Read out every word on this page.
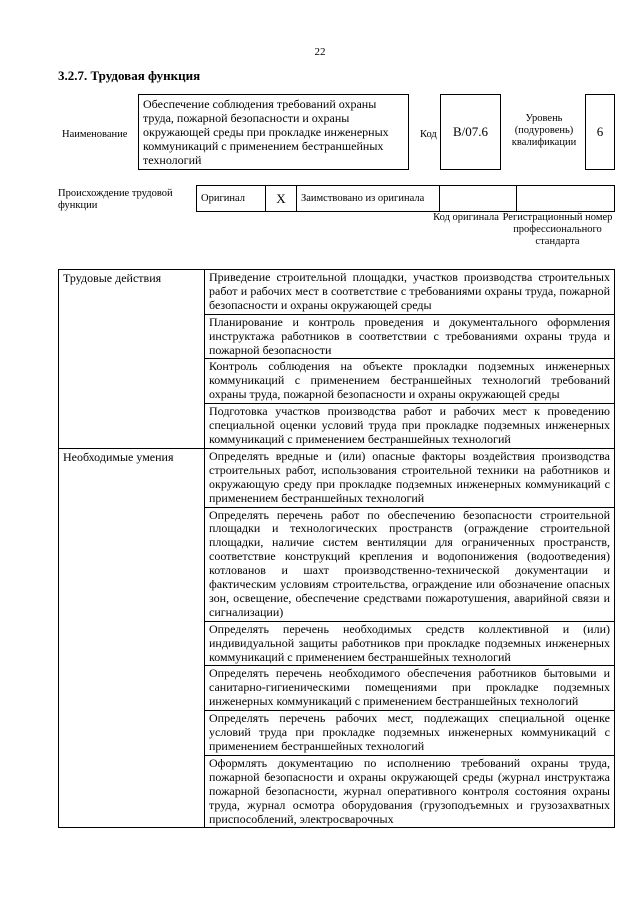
22
3.2.7. Трудовая функция
Наименование
Обеспечение соблюдения требований охраны труда, пожарной безопасности и охраны окружающей среды при прокладке инженерных коммуникаций с применением бестраншейных технологий
Код	В/07.6
Уровень (подуровень) квалификации
6
Происхождение трудовой функции
Оригинал	X	Заимствовано из оригинала		
Код оригинала Регистрационный номер профессионального стандарта
Трудовые действия	Приведение строительной площадки, участков производства строительных работ и рабочих мест в соответствие с требованиями охраны труда, пожарной безопасности и охраны окружающей среды
	Планирование и контроль проведения и документального оформления инструктажа работников в соответствии с требованиями охраны труда и пожарной безопасности
	Контроль соблюдения на объекте прокладки подземных инженерных коммуникаций с применением бестраншейных технологий требований охраны труда, пожарной безопасности и охраны окружающей среды
	Подготовка участков производства работ и рабочих мест к проведению специальной оценки условий труда при прокладке подземных инженерных коммуникаций с применением бестраншейных технологий
Необходимые умения	Определять вредные и (или) опасные факторы воздействия производства строительных работ, использования строительной техники на работников и окружающую среду при прокладке подземных инженерных коммуникаций с применением бестраншейных технологий
	Определять перечень работ по обеспечению безопасности строительной площадки и технологических пространств (ограждение строительной площадки, наличие систем вентиляции для ограниченных пространств, соответствие конструкций крепления и водопонижения (водоотведения) котлованов и шахт производственно-технической документации и фактическим условиям строительства, ограждение или обозначение опасных зон, освещение, обеспечение средствами пожаротушения, аварийной связи и сигнализации)
	Определять перечень необходимых средств коллективной и (или) индивидуальной защиты работников при прокладке подземных инженерных коммуникаций с применением бестраншейных технологий
	Определять перечень необходимого обеспечения работников бытовыми и санитарно-гигиеническими помещениями при прокладке подземных инженерных коммуникаций с применением бестраншейных технологий
	Определять перечень рабочих мест, подлежащих специальной оценке условий труда при прокладке подземных инженерных коммуникаций с применением бестраншейных технологий
	Оформлять документацию по исполнению требований охраны труда, пожарной безопасности и охраны окружающей среды (журнал инструктажа пожарной безопасности, журнал оперативного контроля состояния охраны труда, журнал осмотра оборудования (грузоподъемных и грузозахватных приспособлений, электросварочных
